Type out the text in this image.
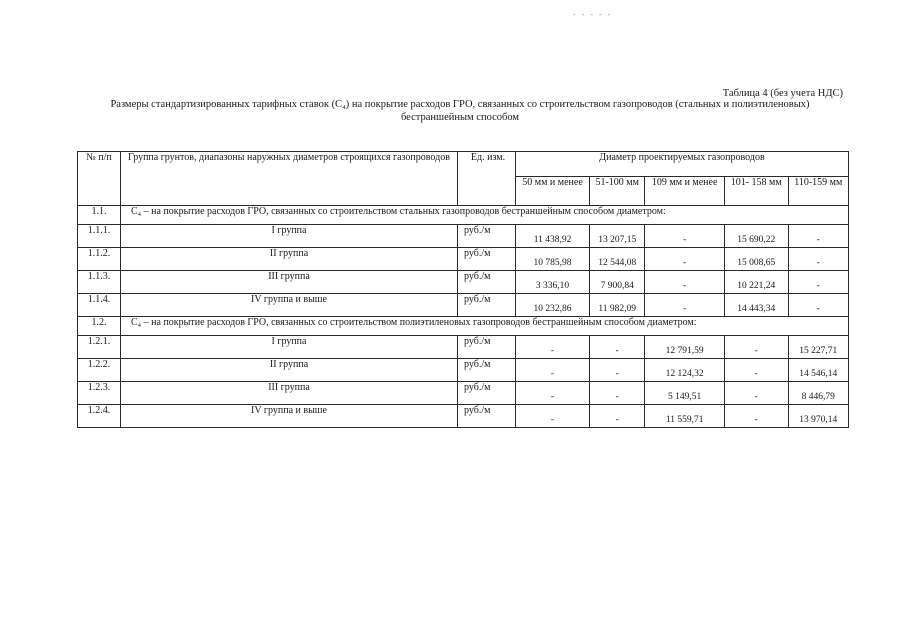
- - - - -
Таблица 4 (без учета НДС)
Размеры стандартизированных тарифных ставок (С₄) на покрытие расходов ГРО, связанных со строительством газопроводов (стальных и полиэтиленовых) бестраншейным способом
№ п/п	Группа грунтов, диапазоны наружных диаметров строящихся газопроводов	Ед. изм.	Диаметр проектируемых газопроводов				
			50 мм и менее	51-100 мм	109 мм и менее	101- 158 мм	110-159 мм
1.1.	С₄ – на покрытие расходов ГРО, связанных со строительством стальных газопроводов бестраншейным способом диаметром:						
1.1.1.	I группа	руб./м	11 438,92	13 207,15	-	15 690,22	-
1.1.2.	II группа	руб./м	10 785,98	12 544,08	-	15 008,65	-
1.1.3.	III группа	руб./м	3 336,10	7 900,84	-	10 221,24	-
1.1.4.	IV группа и выше	руб./м	10 232,86	11 982,09	-	14 443,34	-
1.2.	С₄ – на покрытие расходов ГРО, связанных со строительством полиэтиленовых газопроводов бестраншейным способом диаметром:						
1.2.1.	I группа	руб./м	-	-	12 791,59	-	15 227,71
1.2.2.	II группа	руб./м	-	-	12 124,32	-	14 546,14
1.2.3.	III группа	руб./м	-	-	5 149,51	-	8 446,79
1.2.4.	IV группа и выше	руб./м	-	-	11 559,71	-	13 970,14
